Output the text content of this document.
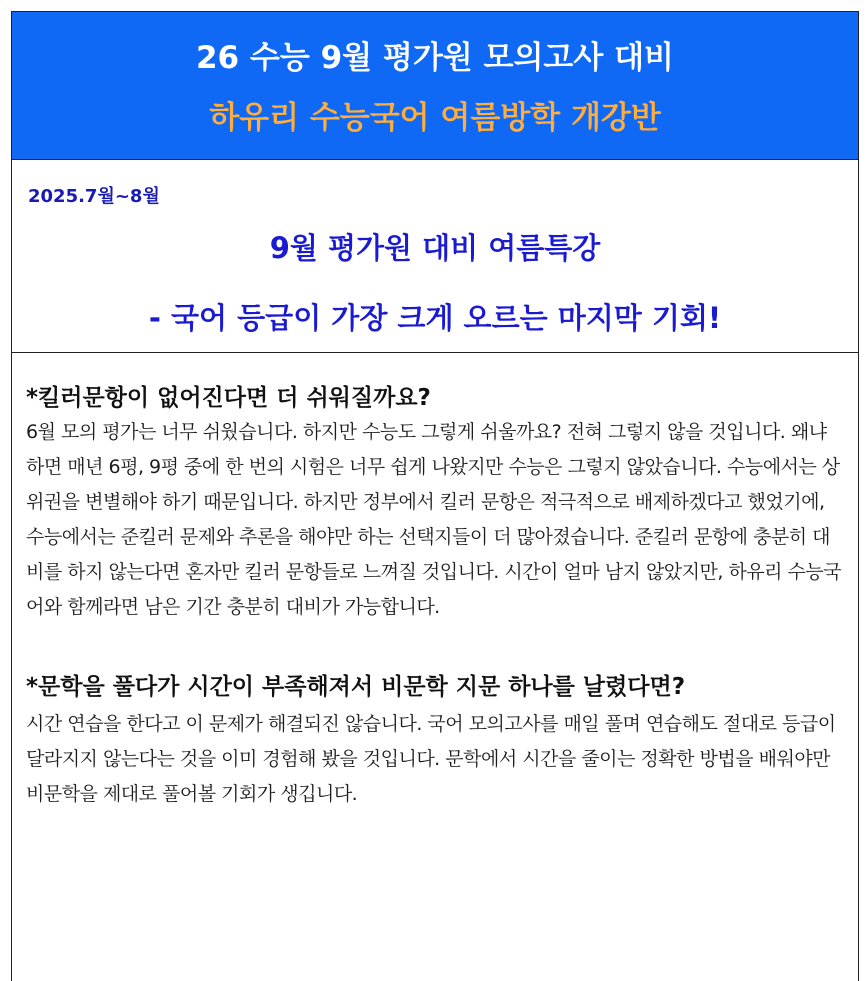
26 수능 9월 평가원 모의고사 대비
하유리 수능국어 여름방학 개강반
2025.7월~8월
9월 평가원 대비 여름특강
- 국어 등급이 가장 크게 오르는 마지막 기회!

*킬러문항이 없어진다면 더 쉬워질까요?

6월 모의 평가는 너무 쉬웠습니다. 하지만 수능도 그렇게 쉬울까요? 전혀 그렇지 않을 것입니다. 왜냐하면 매년 6평, 9평 중에 한 번의 시험은 너무 쉽게 나왔지만 수능은 그렇지 않았습니다. 수능에서는 상위권을 변별해야 하기 때문입니다. 하지만 정부에서 킬러 문항은 적극적으로 배제하겠다고 했었기에, 수능에서는 준킬러 문제와 추론을 해야만 하는 선택지들이 더 많아졌습니다. 준킬러 문항에 충분히 대비를 하지 않는다면 혼자만 킬러 문항들로 느껴질 것입니다. 시간이 얼마 남지 않았지만, 하유리 수능국어와 함께라면 남은 기간 충분히 대비가 가능합니다.

*문학을 풀다가 시간이 부족해져서 비문학 지문 하나를 날렸다면?

시간 연습을 한다고 이 문제가 해결되진 않습니다. 국어 모의고사를 매일 풀며 연습해도 절대로 등급이 달라지지 않는다는 것을 이미 경험해 봤을 것입니다. 문학에서 시간을 줄이는 정확한 방법을 배워야만 비문학을 제대로 풀어볼 기회가 생깁니다.
